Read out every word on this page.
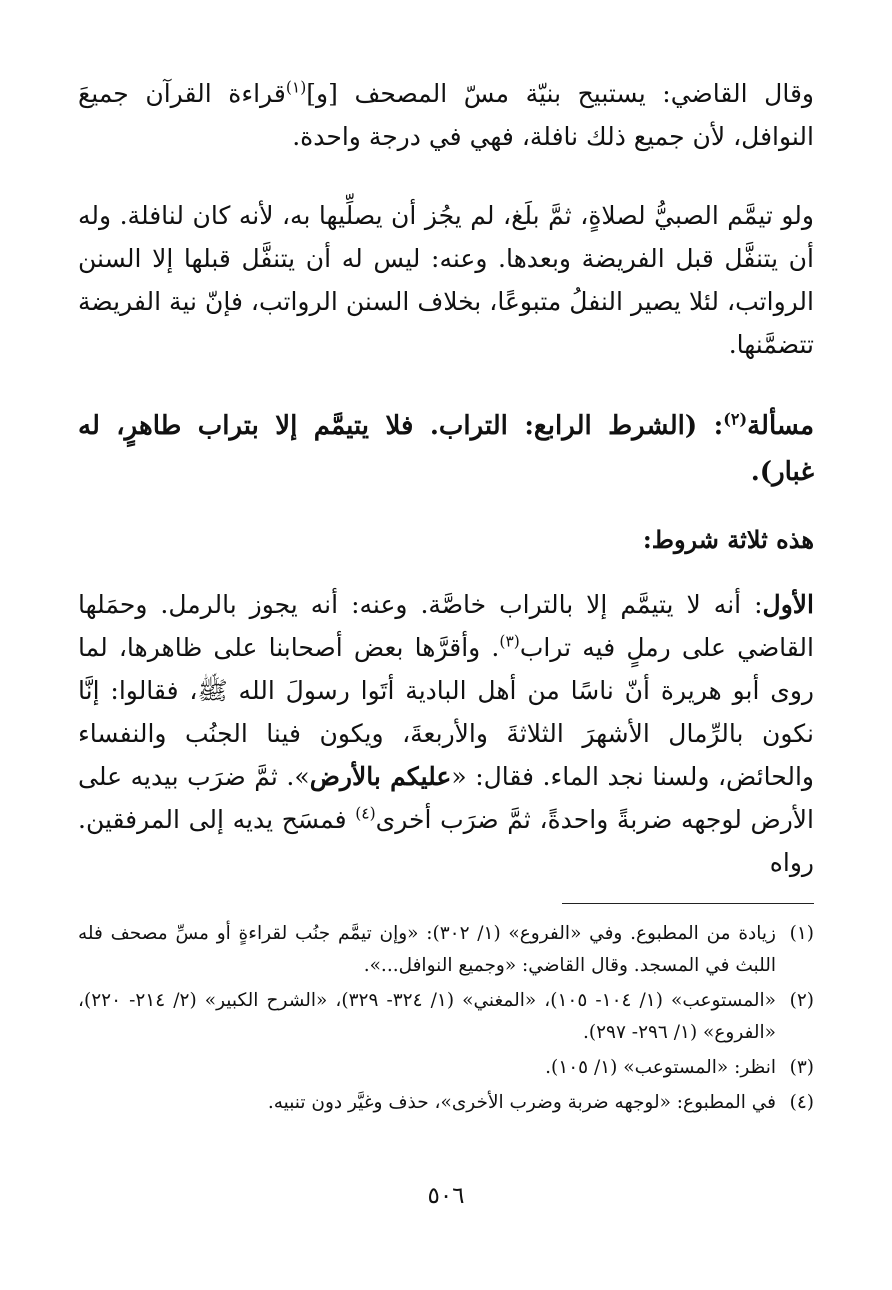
وقال القاضي: يستبيح بنيّة مسّ المصحف [و]$^{(١)}$قراءة القرآن جميعَ النوافل، لأن جميع ذلك نافلة، فهي في درجة واحدة.

ولو تيمَّم الصبيُّ لصلاةٍ، ثمَّ بلَغ، لم يجُز أن يصلِّيها به، لأنه كان لنافلة. وله أن يتنفَّل قبل الفريضة وبعدها. وعنه: ليس له أن يتنفَّل قبلها إلا السنن الرواتب، لئلا يصير النفلُ متبوعًا، بخلاف السنن الرواتب، فإنّ نية الفريضة تتضمَّنها.

مسألة$^{(٢)}$: (الشرط الرابع: التراب. فلا يتيمَّم إلا بتراب طاهرٍ، له غبار).

هذه ثلاثة شروط:

الأول: أنه لا يتيمَّم إلا بالتراب خاصَّة. وعنه: أنه يجوز بالرمل. وحمَلها القاضي على رملٍ فيه تراب$^{(٣)}$. وأقرَّها بعض أصحابنا على ظاهرها، لما روى أبو هريرة أنّ ناسًا من أهل البادية أتَوا رسولَ الله ﷺ، فقالوا: إنَّا نكون بالرِّمال الأشهرَ الثلاثةَ والأربعةَ، ويكون فينا الجنُب والنفساء والحائض، ولسنا نجد الماء. فقال: «عليكم بالأرض». ثمَّ ضرَب بيديه على الأرض لوجهه ضربةً واحدةً، ثمَّ ضرَب أخرى$^{(٤)}$ فمسَح يديه إلى المرفقين. رواه

(١)
زيادة من المطبوع. وفي «الفروع» (١/ ٣٠٢): «وإن تيمَّم جنُب لقراءةٍ أو مسِّ مصحف فله اللبث في المسجد. وقال القاضي: «وجميع النوافل...».
(٢)
«المستوعب» (١/ ١٠٤- ١٠٥)، «المغني» (١/ ٣٢٤- ٣٢٩)، «الشرح الكبير» (٢/ ٢١٤- ٢٢٠)، «الفروع» (١/ ٢٩٦- ٢٩٧).
(٣)
انظر: «المستوعب» (١/ ١٠٥).
(٤)
في المطبوع: «لوجهه ضربة وضرب الأخرى»، حذف وغيَّر دون تنبيه.
٥٠٦
